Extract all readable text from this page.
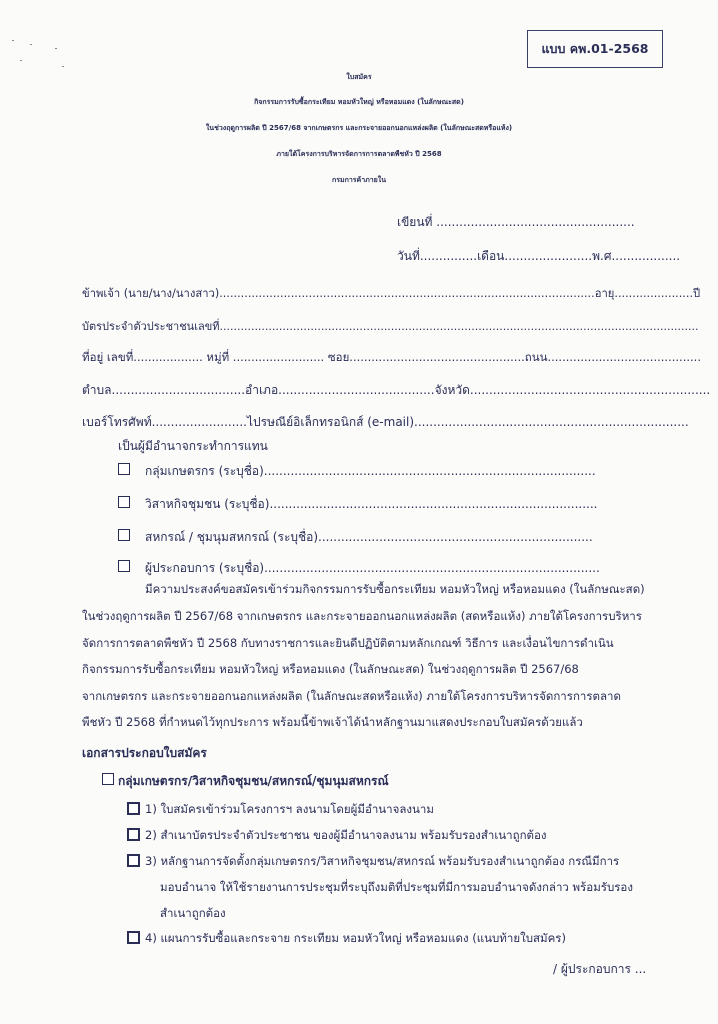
แบบ คพ.01-2568
ใบสมัคร
กิจกรรมการรับซื้อกระเทียม หอมหัวใหญ่ หรือหอมแดง (ในลักษณะสด)
ในช่วงฤดูการผลิต ปี 2567/68 จากเกษตรกร และกระจายออกนอกแหล่งผลิต (ในลักษณะสดหรือแห้ง)
ภายใต้โครงการบริหารจัดการการตลาดพืชหัว ปี 2568
กรมการค้าภายใน
เขียนที่ ....................................................
วันที่...............เดือน.......................พ.ศ..................
ข้าพเจ้า (นาย/นาง/นางสาว).........................................................................................................อายุ......................ปี
บัตรประจำตัวประชาชนเลขที่.........................................................................................................................................
ที่อยู่ เลขที่................... หมู่ที่ ......................... ซอย................................................ถนน..........................................
ตำบล...................................อำเภอ.........................................จังหวัด...............................................................
เบอร์โทรศัพท์.........................ไปรษณีย์อิเล็กทรอนิกส์ (e-mail)........................................................................
เป็นผู้มีอำนาจกระทำการแทน
กลุ่มเกษตรกร (ระบุชื่อ).......................................................................................
วิสาหกิจชุมชน (ระบุชื่อ)......................................................................................
สหกรณ์ / ชุมนุมสหกรณ์ (ระบุชื่อ)........................................................................
ผู้ประกอบการ (ระบุชื่อ)........................................................................................
มีความประสงค์ขอสมัครเข้าร่วมกิจกรรมการรับซื้อกระเทียม หอมหัวใหญ่ หรือหอมแดง (ในลักษณะสด)
ในช่วงฤดูการผลิต ปี 2567/68 จากเกษตรกร และกระจายออกนอกแหล่งผลิต (สดหรือแห้ง) ภายใต้โครงการบริหาร
จัดการการตลาดพืชหัว ปี 2568 กับทางราชการและยินดีปฏิบัติตามหลักเกณฑ์ วิธีการ และเงื่อนไขการดำเนิน
กิจกรรมการรับซื้อกระเทียม หอมหัวใหญ่ หรือหอมแดง (ในลักษณะสด) ในช่วงฤดูการผลิต ปี 2567/68
จากเกษตรกร และกระจายออกนอกแหล่งผลิต (ในลักษณะสดหรือแห้ง) ภายใต้โครงการบริหารจัดการการตลาด
พืชหัว ปี 2568 ที่กำหนดไว้ทุกประการ พร้อมนี้ข้าพเจ้าได้นำหลักฐานมาแสดงประกอบใบสมัครด้วยแล้ว
เอกสารประกอบใบสมัคร
กลุ่มเกษตรกร/วิสาหกิจชุมชน/สหกรณ์/ชุมนุมสหกรณ์
1) ใบสมัครเข้าร่วมโครงการฯ ลงนามโดยผู้มีอำนาจลงนาม
2) สำเนาบัตรประจำตัวประชาชน ของผู้มีอำนาจลงนาม พร้อมรับรองสำเนาถูกต้อง
3) หลักฐานการจัดตั้งกลุ่มเกษตรกร/วิสาหกิจชุมชน/สหกรณ์ พร้อมรับรองสำเนาถูกต้อง กรณีมีการ
มอบอำนาจ ให้ใช้รายงานการประชุมที่ระบุถึงมติที่ประชุมที่มีการมอบอำนาจดังกล่าว พร้อมรับรอง
สำเนาถูกต้อง
4) แผนการรับซื้อและกระจาย กระเทียม หอมหัวใหญ่ หรือหอมแดง (แนบท้ายใบสมัคร)
/ ผู้ประกอบการ ...
